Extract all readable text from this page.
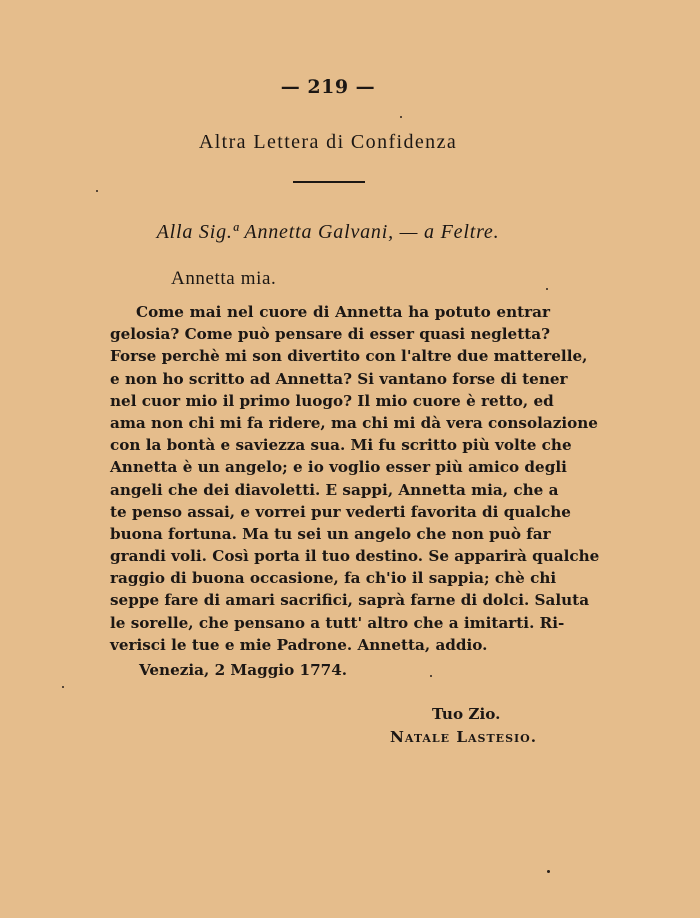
— 219 —
Altra Lettera di Confidenza
Alla Sig.ª Annetta Galvani, — a Feltre.
Annetta mia.
Come mai nel cuore di Annetta ha potuto entrar
gelosia? Come può pensare di esser quasi negletta?
Forse perchè mi son divertito con l'altre due matterelle,
e non ho scritto ad Annetta? Si vantano forse di tener
nel cuor mio il primo luogo? Il mio cuore è retto, ed
ama non chi mi fa ridere, ma chi mi dà vera consolazione
con la bontà e saviezza sua. Mi fu scritto più volte che
Annetta è un angelo; e io voglio esser più amico degli
angeli che dei diavoletti. E sappi, Annetta mia, che a
te penso assai, e vorrei pur vederti favorita di qualche
buona fortuna. Ma tu sei un angelo che non può far
grandi voli. Così porta il tuo destino. Se apparirà qualche
raggio di buona occasione, fa ch'io il sappia; chè chi
seppe fare di amari sacrifici, saprà farne di dolci. Saluta
le sorelle, che pensano a tutt' altro che a imitarti. Ri-
verisci le tue e mie Padrone. Annetta, addio.
Venezia, 2 Maggio 1774.
Tuo Zio.
Natale Lastesio.
